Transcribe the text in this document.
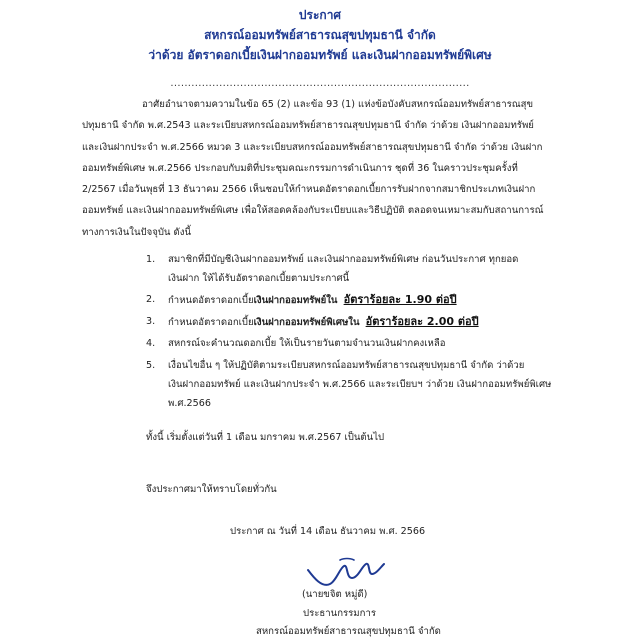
ประกาศ
สหกรณ์ออมทรัพย์สาธารณสุขปทุมธานี จำกัด
ว่าด้วย อัตราดอกเบี้ยเงินฝากออมทรัพย์ และเงินฝากออมทรัพย์พิเศษ
......................................................................................
อาศัยอำนาจตามความในข้อ 65 (2) และข้อ 93 (1) แห่งข้อบังคับสหกรณ์ออมทรัพย์สาธารณสุข
ปทุมธานี จำกัด พ.ศ.2543 และระเบียบสหกรณ์ออมทรัพย์สาธารณสุขปทุมธานี จำกัด ว่าด้วย เงินฝากออมทรัพย์
และเงินฝากประจำ พ.ศ.2566 หมวด 3 และระเบียบสหกรณ์ออมทรัพย์สาธารณสุขปทุมธานี จำกัด ว่าด้วย เงินฝาก
ออมทรัพย์พิเศษ พ.ศ.2566 ประกอบกับมติที่ประชุมคณะกรรมการดำเนินการ ชุดที่ 36 ในคราวประชุมครั้งที่
2/2567 เมื่อวันพุธที่ 13 ธันวาคม 2566 เห็นชอบให้กำหนดอัตราดอกเบี้ยการรับฝากจากสมาชิกประเภทเงินฝาก
ออมทรัพย์ และเงินฝากออมทรัพย์พิเศษ เพื่อให้สอดคล้องกับระเบียบและวิธีปฏิบัติ ตลอดจนเหมาะสมกับสถานการณ์
ทางการเงินในปัจจุบัน ดังนี้
1.	สมาชิกที่มีบัญชีเงินฝากออมทรัพย์ และเงินฝากออมทรัพย์พิเศษ ก่อนวันประกาศ ทุกยอด
เงินฝาก ให้ได้รับอัตราดอกเบี้ยตามประกาศนี้
2.	กำหนดอัตราดอกเบี้ยเงินฝากออมทรัพย์ใน อัตราร้อยละ 1.90 ต่อปี
3.	กำหนดอัตราดอกเบี้ยเงินฝากออมทรัพย์พิเศษใน อัตราร้อยละ 2.00 ต่อปี
4.	สหกรณ์จะคำนวณดอกเบี้ย ให้เป็นรายวันตามจำนวนเงินฝากคงเหลือ
5.	เงื่อนไขอื่น ๆ ให้ปฏิบัติตามระเบียบสหกรณ์ออมทรัพย์สาธารณสุขปทุมธานี จำกัด ว่าด้วย
เงินฝากออมทรัพย์ และเงินฝากประจำ พ.ศ.2566 และระเบียบฯ ว่าด้วย เงินฝากออมทรัพย์พิเศษ
พ.ศ.2566
ทั้งนี้ เริ่มตั้งแต่วันที่ 1 เดือน มกราคม พ.ศ.2567 เป็นต้นไป
จึงประกาศมาให้ทราบโดยทั่วกัน
ประกาศ ณ วันที่ 14 เดือน ธันวาคม พ.ศ. 2566
(นายขจิต หมู่ดี)
ประธานกรรมการ
สหกรณ์ออมทรัพย์สาธารณสุขปทุมธานี จำกัด
